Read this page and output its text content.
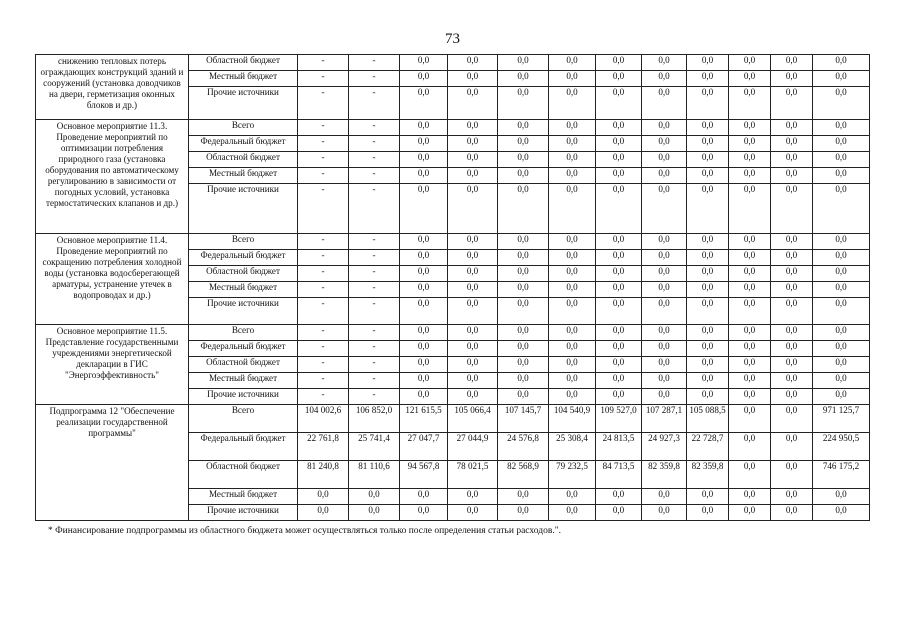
73
снижению тепловых потерь ограждающих конструкций зданий и сооружений (установка доводчиков на двери, герметизация оконных блоков и др.)	Областной бюджет	-	-	0,0	0,0	0,0	0,0	0,0	0,0	0,0	0,0	0,0	0,0
	Местный бюджет	-	-	0,0	0,0	0,0	0,0	0,0	0,0	0,0	0,0	0,0	0,0
	Прочие источники	-	-	0,0	0,0	0,0	0,0	0,0	0,0	0,0	0,0	0,0	0,0
Основное мероприятие 11.3. Проведение мероприятий по оптимизации потребления природного газа (установка оборудования по автоматическому регулированию в зависимости от погодных условий, установка термостатических клапанов и др.)	Всего	-	-	0,0	0,0	0,0	0,0	0,0	0,0	0,0	0,0	0,0	0,0
	Федеральный бюджет	-	-	0,0	0,0	0,0	0,0	0,0	0,0	0,0	0,0	0,0	0,0
	Областной бюджет	-	-	0,0	0,0	0,0	0,0	0,0	0,0	0,0	0,0	0,0	0,0
	Местный бюджет	-	-	0,0	0,0	0,0	0,0	0,0	0,0	0,0	0,0	0,0	0,0
	Прочие источники	-	-	0,0	0,0	0,0	0,0	0,0	0,0	0,0	0,0	0,0	0,0
Основное мероприятие 11.4. Проведение мероприятий по сокращению потребления холодной воды (установка водосберегающей арматуры, устранение утечек в водопроводах и др.)	Всего	-	-	0,0	0,0	0,0	0,0	0,0	0,0	0,0	0,0	0,0	0,0
	Федеральный бюджет	-	-	0,0	0,0	0,0	0,0	0,0	0,0	0,0	0,0	0,0	0,0
	Областной бюджет	-	-	0,0	0,0	0,0	0,0	0,0	0,0	0,0	0,0	0,0	0,0
	Местный бюджет	-	-	0,0	0,0	0,0	0,0	0,0	0,0	0,0	0,0	0,0	0,0
	Прочие источники	-	-	0,0	0,0	0,0	0,0	0,0	0,0	0,0	0,0	0,0	0,0
Основное мероприятие 11.5. Представление государственными учреждениями энергетической декларации в ГИС "Энергоэффективность"	Всего	-	-	0,0	0,0	0,0	0,0	0,0	0,0	0,0	0,0	0,0	0,0
	Федеральный бюджет	-	-	0,0	0,0	0,0	0,0	0,0	0,0	0,0	0,0	0,0	0,0
	Областной бюджет	-	-	0,0	0,0	0,0	0,0	0,0	0,0	0,0	0,0	0,0	0,0
	Местный бюджет	-	-	0,0	0,0	0,0	0,0	0,0	0,0	0,0	0,0	0,0	0,0
	Прочие источники	-	-	0,0	0,0	0,0	0,0	0,0	0,0	0,0	0,0	0,0	0,0
Подпрограмма 12 "Обеспечение реализации государственной программы"	Всего	104 002,6	106 852,0	121 615,5	105 066,4	107 145,7	104 540,9	109 527,0	107 287,1	105 088,5	0,0	0,0	971 125,7
	Федеральный бюджет	22 761,8	25 741,4	27 047,7	27 044,9	24 576,8	25 308,4	24 813,5	24 927,3	22 728,7	0,0	0,0	224 950,5
	Областной бюджет	81 240,8	81 110,6	94 567,8	78 021,5	82 568,9	79 232,5	84 713,5	82 359,8	82 359,8	0,0	0,0	746 175,2
	Местный бюджет	0,0	0,0	0,0	0,0	0,0	0,0	0,0	0,0	0,0	0,0	0,0	0,0
	Прочие источники	0,0	0,0	0,0	0,0	0,0	0,0	0,0	0,0	0,0	0,0	0,0	0,0
* Финансирование подпрограммы из областного бюджета может осуществляться только после определения статьи расходов.".
